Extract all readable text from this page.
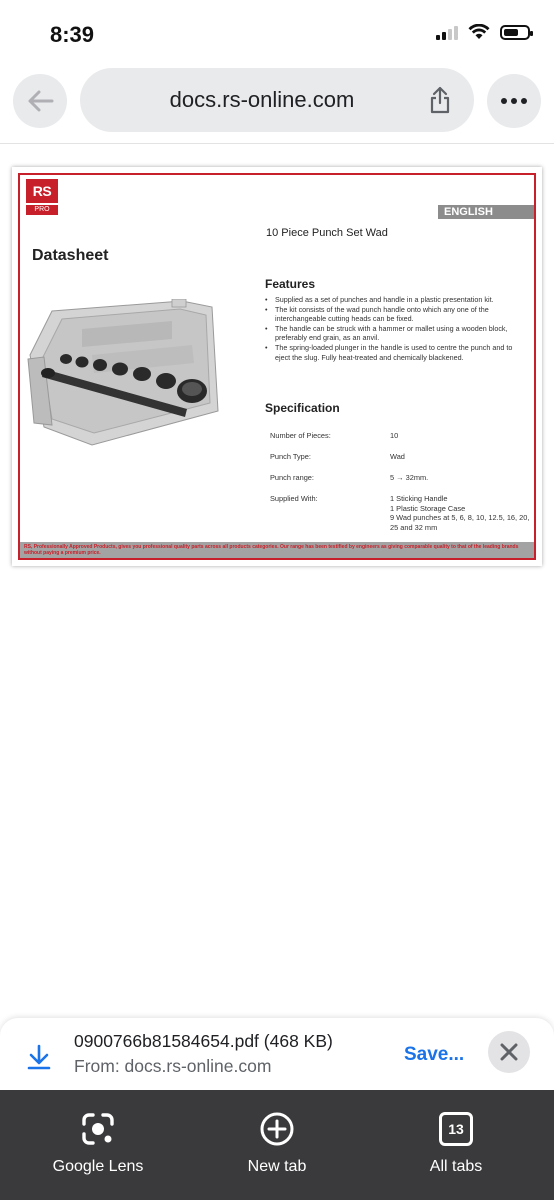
8:39
docs.rs-online.com
RS
PRO	ENGLISH
10 Piece Punch Set Wad
Datasheet
Features
• Supplied as a set of punches and handle in a plastic presentation kit.
• The kit consists of the wad punch handle onto which any one of the interchangeable cutting heads can be fixed.
• The handle can be struck with a hammer or mallet using a wooden block, preferably end grain, as an anvil.
• The spring-loaded plunger in the handle is used to centre the punch and to eject the slug. Fully heat-treated and chemically blackened.
Specification
Number of Pieces:	10
Punch Type:	Wad
Punch range:	5 → 32mm.
Supplied With:	1 Sticking Handle
1 Plastic Storage Case
9 Wad punches at 5, 6, 8, 10, 12.5, 16, 20, 25 and 32 mm
RS, Professionally Approved Products, gives you professional quality parts across all products categories. Our range has been testified by engineers as giving comparable quality to that of the leading brands without paying a premium price.
0900766b81584654.pdf (468 KB)
From: docs.rs-online.com
Save...
Google Lens	New tab
13
All tabs
